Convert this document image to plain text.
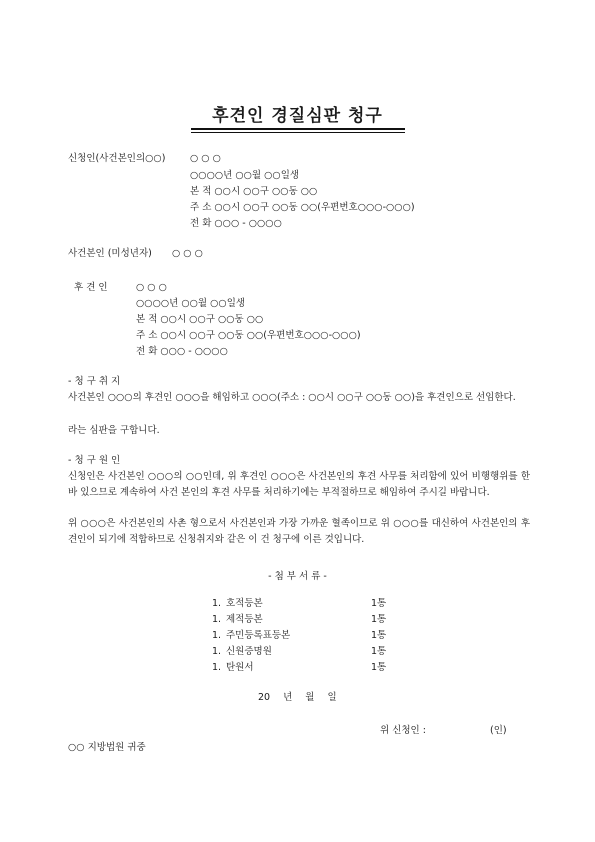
후견인 경질심판 청구
신청인(사건본인의○○)	○ ○ ○
○○○○년 ○○월 ○○일생
본 적 ○○시 ○○구 ○○동 ○○
주 소 ○○시 ○○구 ○○동 ○○(우편번호○○○-○○○)
전 화 ○○○ - ○○○○
사건본인 (미성년자) ○ ○ ○
후 견 인	○ ○ ○
○○○○년 ○○월 ○○일생
본 적 ○○시 ○○구 ○○동 ○○
주 소 ○○시 ○○구 ○○동 ○○(우편번호○○○-○○○)
전 화 ○○○ - ○○○○
- 청 구 취 지
사건본인 ○○○의 후견인 ○○○을 해임하고 ○○○(주소 : ○○시 ○○구 ○○동 ○○)을 후견인으로 선임한다.
라는 심판을 구합니다.
- 청 구 원 인
신청인은 사건본인 ○○○의 ○○인데, 위 후견인 ○○○은 사건본인의 후견 사무를 처리함에 있어 비행행위를 한 바 있으므로 계속하여 사건 본인의 후견 사무를 처리하기에는 부적절하므로 해임하여 주시길 바랍니다.
위 ○○○은 사건본인의 사촌 형으로서 사건본인과 가장 가까운 혈족이므로 위 ○○○를 대신하여 사건본인의 후견인이 되기에 적합하므로 신청취지와 같은 이 건 청구에 이른 것입니다.
- 첨 부 서 류 -
1. 호적등본	1통
1. 제적등본	1통
1. 주민등록표등본	1통
1. 신원증명원	1통
1. 탄원서	1통
20 년 월 일
위 신청인 :	(인)
○○ 지방법원 귀중
